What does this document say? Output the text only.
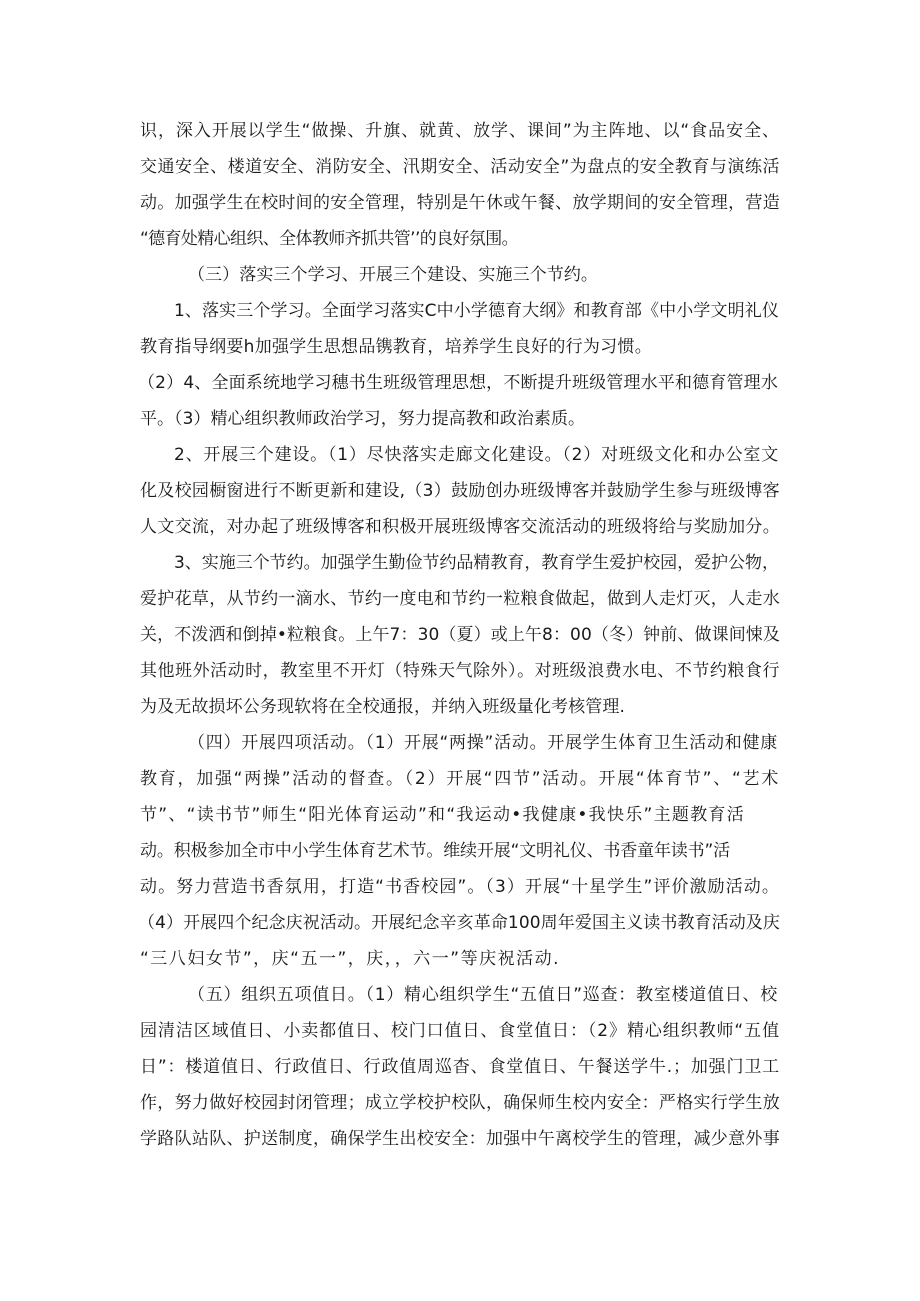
识，深入开展以学生“做操、升旗、就黄、放学、课间”为主阵地、以“食品安全、
交通安全、楼道安全、消防安全、汛期安全、活动安全”为盘点的安全教育与演练活
动。加强学生在校时间的安全管理，特别是午休或午餐、放学期间的安全管理，营造
“德育处精心组织、全体教师齐抓共管’’的良好氛围。
（三）落实三个学习、开展三个建设、实施三个节约。
1、落实三个学习。全面学习落实C中小学德育大纲》和教育部《中小学文明礼仪
教育指导纲要h加强学生思想品镌教育，培养学生良好的行为习惯。
（2）4、全面系统地学习穗书生班级管理思想，不断提升班级管理水平和德育管理水
平。（3）精心组织教师政治学习，努力提高教和政治素质。
2、开展三个建设。（1）尽快落实走廊文化建设。（2）对班级文化和办公室文
化及校园橱窗进行不断更新和建设,（3）鼓励创办班级博客并鼓励学生参与班级博客
人文交流，对办起了班级博客和积极开展班级博客交流活动的班级将给与奖励加分。
3、实施三个节约。加强学生勤俭节约品精教育，教育学生爱护校园，爱护公物，
爱护花草，从节约一滴水、节约一度电和节约一粒粮食做起，做到人走灯灭，人走水
关，不泼洒和倒掉•粒粮食。上午7：30（夏）或上午8：00（冬）钟前、做课间悚及
其他班外活动时，教室里不开灯（特殊天气除外）。对班级浪费水电、不节约粮食行
为及无故损坏公务现软将在全校通报，并纳入班级量化考核管理.
（四）开展四项活动。（1）开展“两操”活动。开展学生体育卫生活动和健康
教育，加强“两操”活动的督查。（2）开展“四节”活动。开展“体育节”、“艺术
节”、“读书节”师生“阳光体育运动”和“我运动•我健康•我快乐”主题教育活
动。积极参加全市中小学生体育艺术节。维续开展“文明礼仪、书香童年读书”活
动。努力营造书香氛用，打造“书香校园”。（3）开展“十星学生”评价激励活动。
（4）开展四个纪念庆祝活动。开展纪念辛亥革命100周年爱国主义读书教育活动及庆
“三八妇女节”，庆“五一”，庆，，六一”等庆祝活动.
（五）组织五项值日。（1）精心组织学生“五值日”巡查：教室楼道值日、校
园清洁区域值日、小卖都值日、校门口值日、食堂值日：（2》精心组织教师“五值
日”：楼道值日、行政值日、行政值周巡杳、食堂值日、午餐送学牛.；加强门卫工
作，努力做好校园封闭管理；成立学校护校队，确保师生校内安全：严格实行学生放
学路队站队、护送制度，确保学生出校安全：加强中午离校学生的管理，减少意外事
